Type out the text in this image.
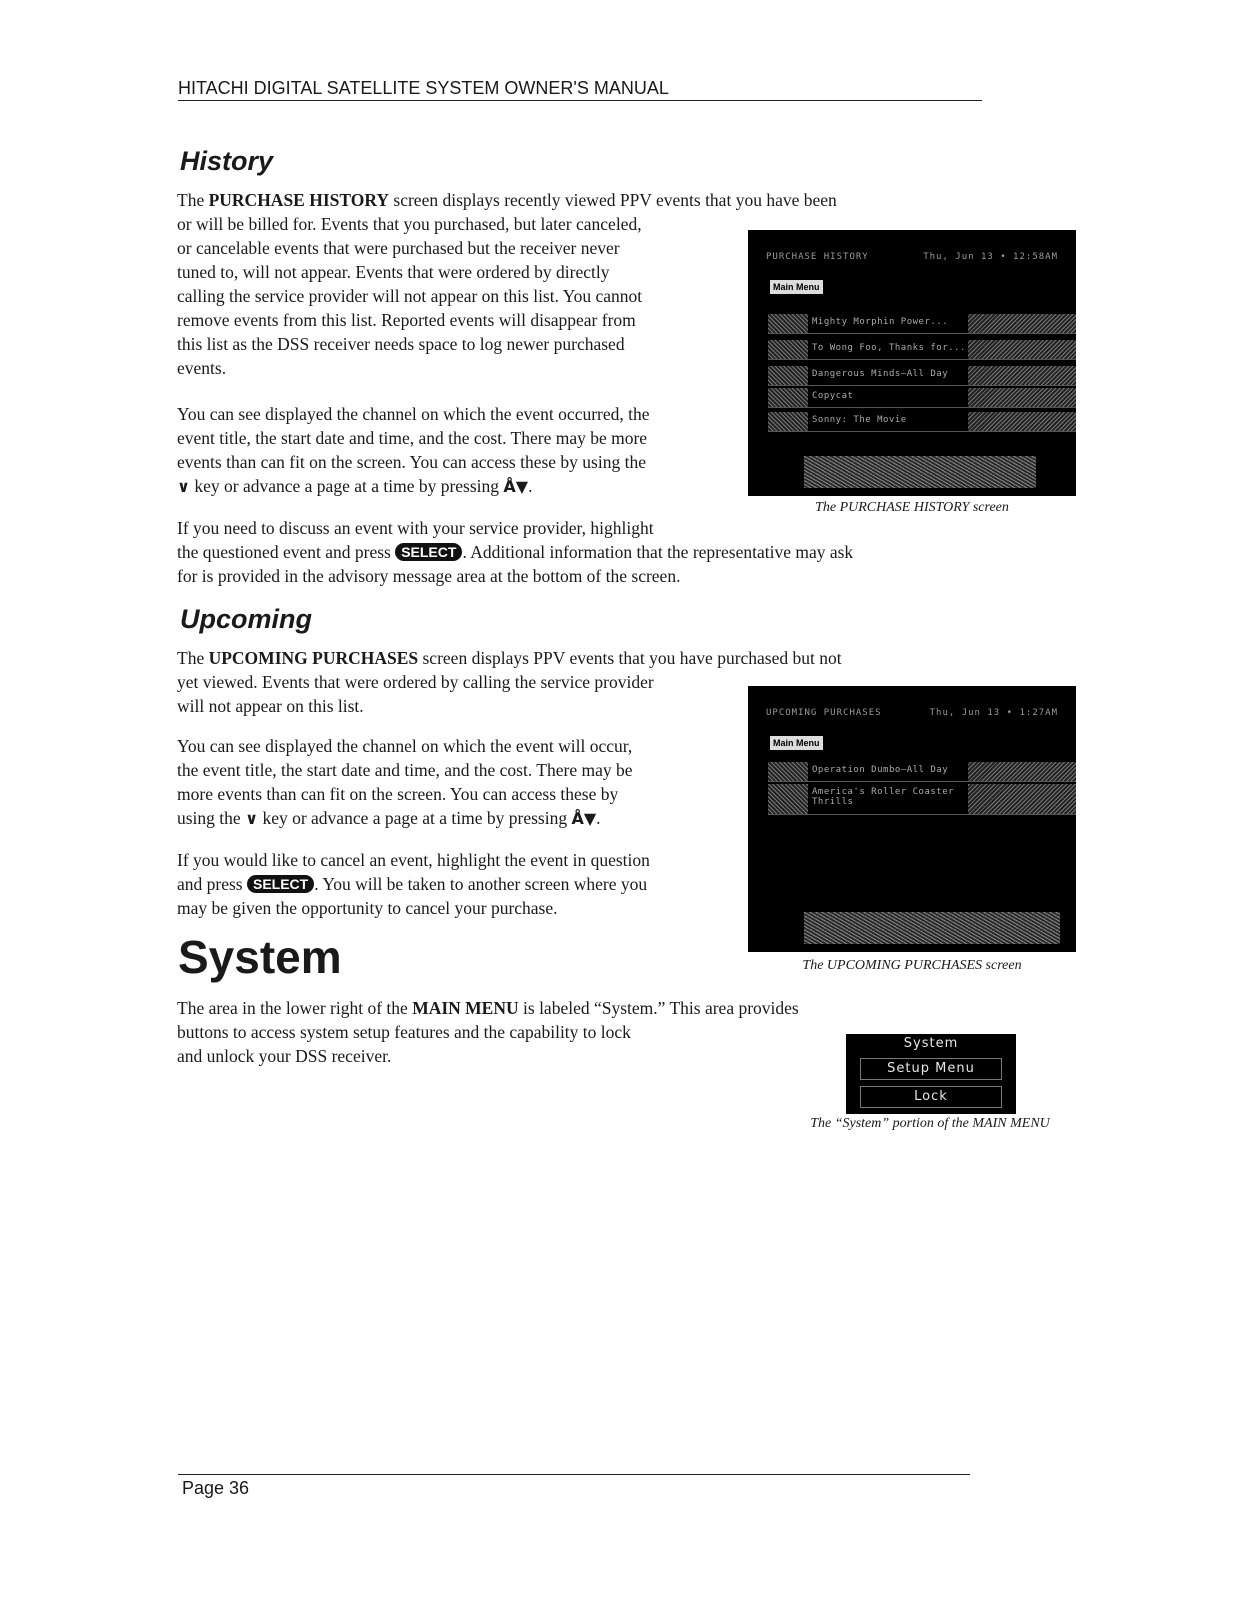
HITACHI DIGITAL SATELLITE SYSTEM OWNER'S MANUAL
History
The PURCHASE HISTORY screen displays recently viewed PPV events that you have been
or will be billed for. Events that you purchased, but later canceled,
or cancelable events that were purchased but the receiver never
tuned to, will not appear. Events that were ordered by directly
calling the service provider will not appear on this list. You cannot
remove events from this list. Reported events will disappear from
this list as the DSS receiver needs space to log newer purchased
events.
You can see displayed the channel on which the event occurred, the
event title, the start date and time, and the cost. There may be more
events than can fit on the screen. You can access these by using the
∨ key or advance a page at a time by pressing Å▼.
If you need to discuss an event with your service provider, highlight
the questioned event and press SELECT . Additional information that the representative may ask
for is provided in the advisory message area at the bottom of the screen.
PURCHASE HISTORY	Thu, Jun 13 • 12:58AM
Main Menu
Mighty Morphin Power...
To Wong Foo, Thanks for...
Dangerous Minds–All Day
Copycat
Sonny: The Movie
The PURCHASE HISTORY screen
Upcoming
The UPCOMING PURCHASES screen displays PPV events that you have purchased but not
yet viewed. Events that were ordered by calling the service provider
will not appear on this list.
You can see displayed the channel on which the event will occur,
the event title, the start date and time, and the cost. There may be
more events than can fit on the screen. You can access these by
using the ∨ key or advance a page at a time by pressing Å▼.
If you would like to cancel an event, highlight the event in question
and press SELECT . You will be taken to another screen where you
may be given the opportunity to cancel your purchase.
UPCOMING PURCHASES	Thu, Jun 13 • 1:27AM
Main Menu
Operation Dumbo–All Day
America's Roller Coaster Thrills
The UPCOMING PURCHASES screen
System
The area in the lower right of the MAIN MENU is labeled “System.” This area provides
buttons to access system setup features and the capability to lock
and unlock your DSS receiver.
System
Setup Menu
Lock
The “System” portion of the MAIN MENU
Page 36
